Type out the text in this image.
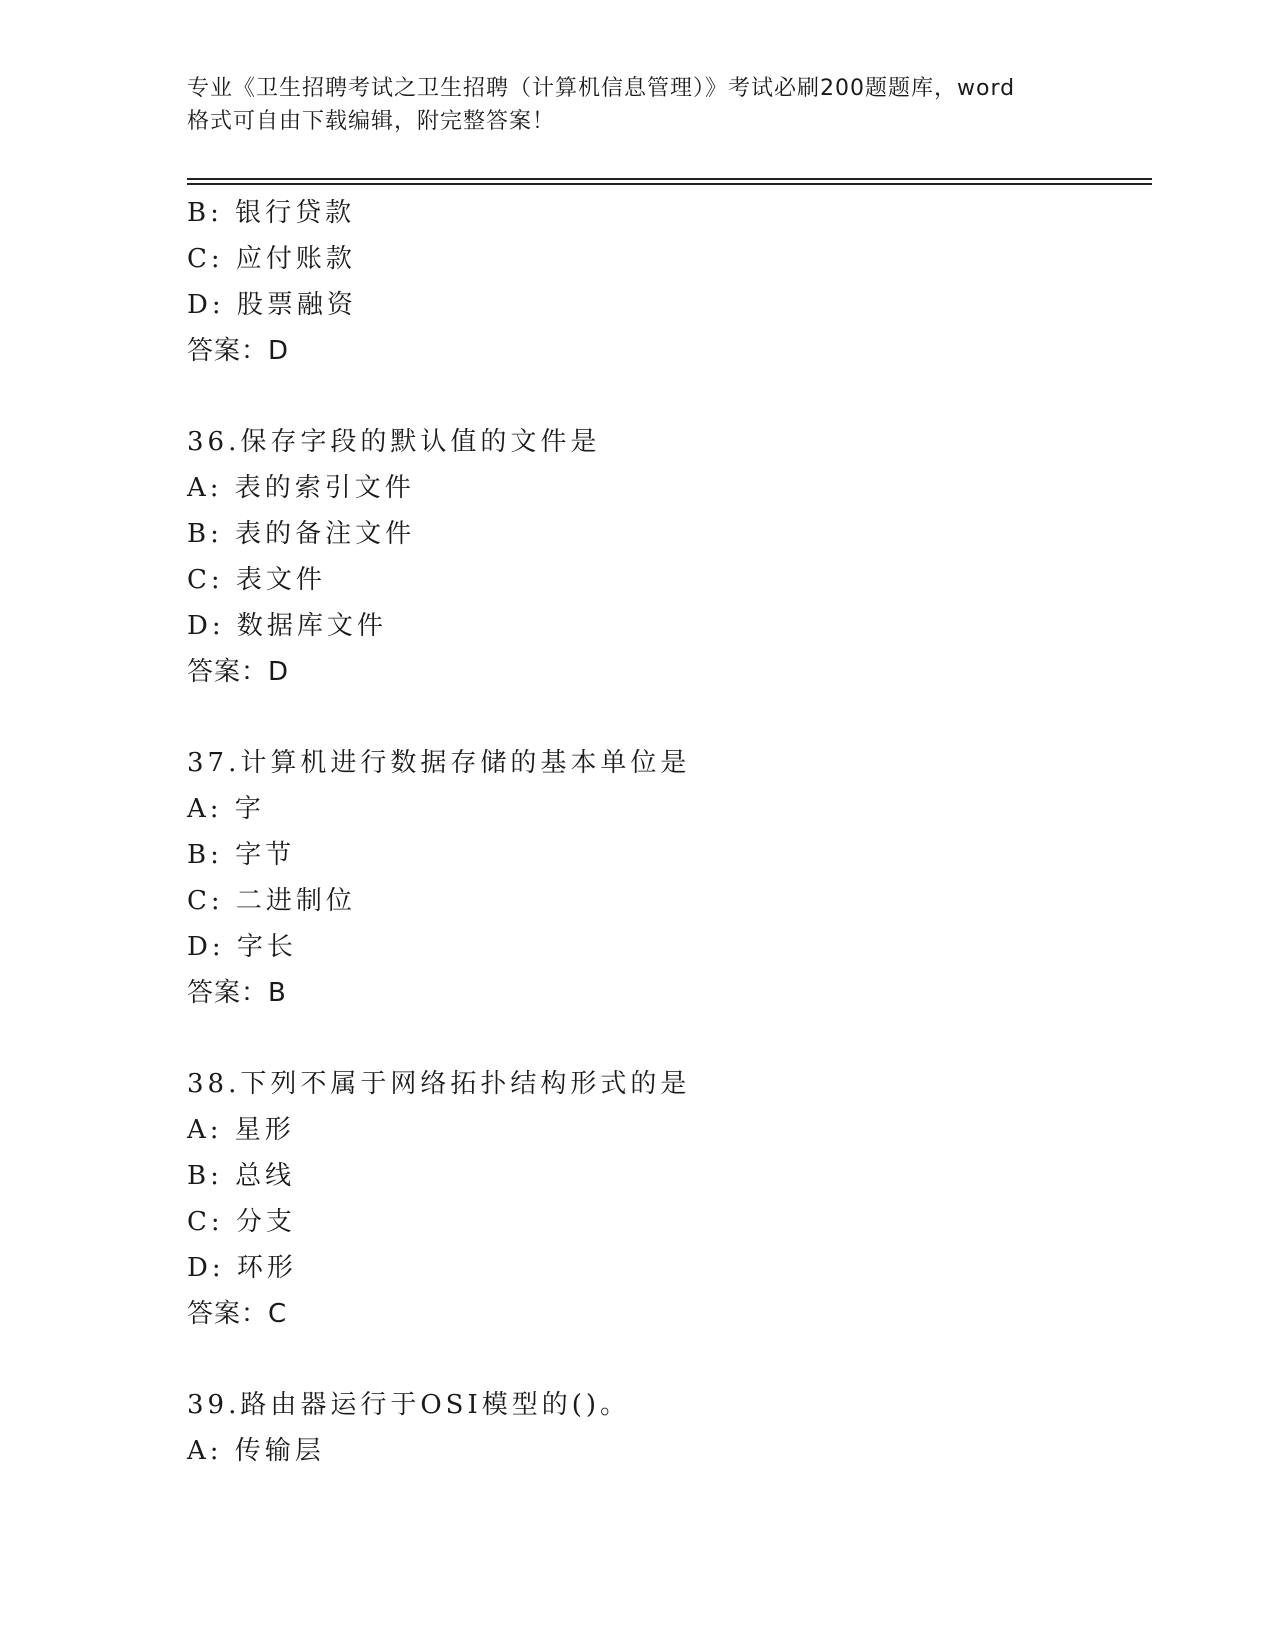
专业《卫生招聘考试之卫生招聘（计算机信息管理）》考试必刷200题题库，word
格式可自由下载编辑，附完整答案！
B: 银行贷款
C: 应付账款
D: 股票融资
答案：D
36.保存字段的默认值的文件是
A: 表的索引文件
B: 表的备注文件
C: 表文件
D: 数据库文件
答案：D
37.计算机进行数据存储的基本单位是
A: 字
B: 字节
C: 二进制位
D: 字长
答案：B
38.下列不属于网络拓扑结构形式的是
A: 星形
B: 总线
C: 分支
D: 环形
答案：C
39.路由器运行于OSI模型的()。
A: 传输层
